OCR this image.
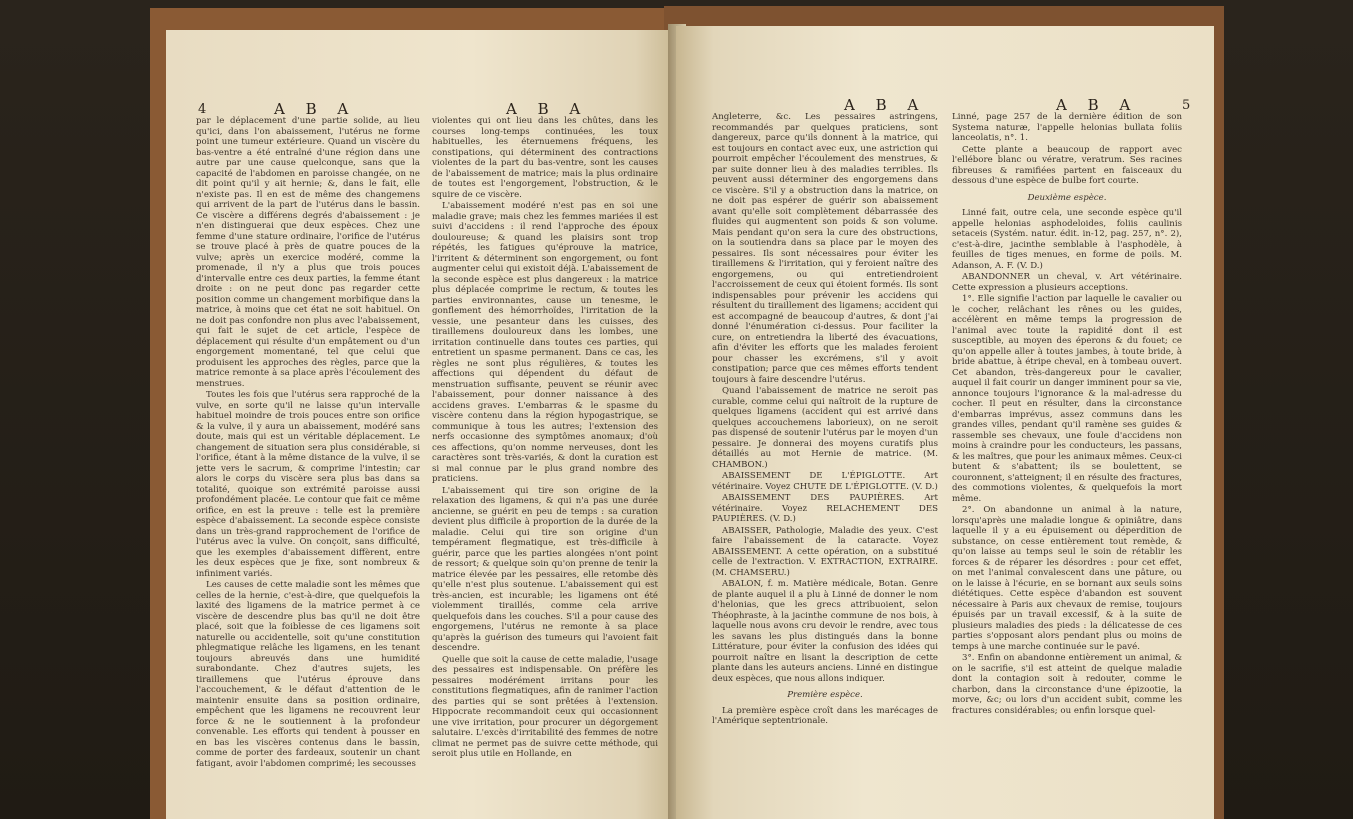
4	A B A	A B A

par le déplacement d'une partie solide, au lieu qu'ici, dans l'on abaissement, l'utérus ne forme point une tumeur extérieure. Quand un viscère du bas-ventre a été entraîné d'une région dans une autre par une cause quelconque, sans que la capacité de l'abdomen en paroisse changée, on ne dit point qu'il y ait hernie; &, dans le fait, elle n'existe pas. Il en est de même des changemens qui arrivent de la part de l'utérus dans le bassin. Ce viscère a différens degrés d'abaissement : je n'en distinguerai que deux espèces. Chez une femme d'une stature ordinaire, l'orifice de l'utérus se trouve placé à près de quatre pouces de la vulve; après un exercice modéré, comme la promenade, il n'y a plus que trois pouces d'intervalle entre ces deux parties, la femme étant droite : on ne peut donc pas regarder cette position comme un changement morbifique dans la matrice, à moins que cet état ne soit habituel. On ne doit pas confondre non plus avec l'abaissement, qui fait le sujet de cet article, l'espèce de déplacement qui résulte d'un empâtement ou d'un engorgement momentané, tel que celui que produisent les approches des règles, parce que la matrice remonte à sa place après l'écoulement des menstrues.

Toutes les fois que l'utérus sera rapproché de la vulve, en sorte qu'il ne laisse qu'un intervalle habituel moindre de trois pouces entre son orifice & la vulve, il y aura un abaissement, modéré sans doute, mais qui est un véritable déplacement. Le changement de situation sera plus considérable, si l'orifice, étant à la même distance de la vulve, il se jette vers le sacrum, & comprime l'intestin; car alors le corps du viscère sera plus bas dans sa totalité, quoique son extrémité paroisse aussi profondément placée. Le contour que fait ce même orifice, en est la preuve : telle est la première espèce d'abaissement. La seconde espèce consiste dans un très-grand rapprochement de l'orifice de l'utérus avec la vulve. On conçoit, sans difficulté, que les exemples d'abaissement diffèrent, entre les deux espèces que je fixe, sont nombreux & infiniment variés.

Les causes de cette maladie sont les mêmes que celles de la hernie, c'est-à-dire, que quelquefois la laxité des ligamens de la matrice permet à ce viscère de descendre plus bas qu'il ne doit être placé, soit que la foiblesse de ces ligamens soit naturelle ou accidentelle, soit qu'une constitution phlegmatique relâche les ligamens, en les tenant toujours abreuvés dans une humidité surabondante. Chez d'autres sujets, les tiraillemens que l'utérus éprouve dans l'accouchement, & le défaut d'attention de le maintenir ensuite dans sa position ordinaire, empêchent que les ligamens ne recouvrent leur force & ne le soutiennent à la profondeur convenable. Les efforts qui tendent à pousser en en bas les viscères contenus dans le bassin, comme de porter des fardeaux, soutenir un chant fatigant, avoir l'abdomen comprimé; les secousses

violentes qui ont lieu dans les chûtes, dans les courses long-temps continuées, les toux habituelles, les éternuemens fréquens, les constipations, qui déterminent des contractions violentes de la part du bas-ventre, sont les causes de l'abaissement de matrice; mais la plus ordinaire de toutes est l'engorgement, l'obstruction, & le squire de ce viscère.

L'abaissement modéré n'est pas en soi une maladie grave; mais chez les femmes mariées il est suivi d'accidens : il rend l'approche des époux douloureuse; & quand les plaisirs sont trop répétés, les fatigues qu'éprouve la matrice, l'irritent & déterminent son engorgement, ou font augmenter celui qui existoit déjà. L'abaissement de la seconde espèce est plus dangereux : la matrice plus déplacée comprime le rectum, & toutes les parties environnantes, cause un tenesme, le gonflement des hémorrhoïdes, l'irritation de la vessie, une pesanteur dans les cuisses, des tiraillemens douloureux dans les lombes, une irritation continuelle dans toutes ces parties, qui entretient un spasme permanent. Dans ce cas, les règles ne sont plus régulières, & toutes les affections qui dépendent du défaut de menstruation suffisante, peuvent se réunir avec l'abaissement, pour donner naissance à des accidens graves. L'embarras & le spasme du viscère contenu dans la région hypogastrique, se communique à tous les autres; l'extension des nerfs occasionne des symptômes anomaux; d'où ces affections, qu'on nomme nerveuses, dont les caractères sont très-variés, & dont la curation est si mal connue par le plus grand nombre des praticiens.

L'abaissement qui tire son origine de la relaxation des ligamens, & qui n'a pas une durée ancienne, se guérit en peu de temps : sa curation devient plus difficile à proportion de la durée de la maladie. Celui qui tire son origine d'un tempérament flegmatique, est très-difficile à guérir, parce que les parties alongées n'ont point de ressort; & quelque soin qu'on prenne de tenir la matrice élevée par les pessaires, elle retombe dès qu'elle n'est plus soutenue. L'abaissement qui est très-ancien, est incurable; les ligamens ont été violemment tiraillés, comme cela arrive quelquefois dans les couches. S'il a pour cause des engorgemens, l'utérus ne remonte à sa place qu'après la guérison des tumeurs qui l'avoient fait descendre.

Quelle que soit la cause de cette maladie, l'usage des pessaires est indispensable. On préfère les pessaires modérément irritans pour les constitutions flegmatiques, afin de ranimer l'action des parties qui se sont prêtées à l'extension. Hippocrate recommandoit ceux qui occasionnent une vive irritation, pour procurer un dégorgement salutaire. L'excès d'irritabilité des femmes de notre climat ne permet pas de suivre cette méthode, qui seroit plus utile en Hollande, en

A B A	A B A	5

Angleterre, &c. Les pessaires astringens, recommandés par quelques praticiens, sont dangereux, parce qu'ils donnent à la matrice, qui est toujours en contact avec eux, une astriction qui pourroit empêcher l'écoulement des menstrues, & par suite donner lieu à des maladies terribles. Ils peuvent aussi déterminer des engorgemens dans ce viscère. S'il y a obstruction dans la matrice, on ne doit pas espérer de guérir son abaissement avant qu'elle soit complètement débarrassée des fluides qui augmentent son poids & son volume. Mais pendant qu'on sera la cure des obstructions, on la soutiendra dans sa place par le moyen des pessaires. Ils sont nécessaires pour éviter les tiraillemens & l'irritation, qui y feroient naître des engorgemens, ou qui entretiendroient l'accroissement de ceux qui étoient formés. Ils sont indispensables pour prévenir les accidens qui résultent du tiraillement des ligamens; accident qui est accompagné de beaucoup d'autres, & dont j'ai donné l'énumération ci-dessus. Pour faciliter la cure, on entretiendra la liberté des évacuations, afin d'éviter les efforts que les malades feroient pour chasser les excrémens, s'il y avoit constipation; parce que ces mêmes efforts tendent toujours à faire descendre l'utérus.

Quand l'abaissement de matrice ne seroit pas curable, comme celui qui naîtroit de la rupture de quelques ligamens (accident qui est arrivé dans quelques accouchemens laborieux), on ne seroit pas dispensé de soutenir l'utérus par le moyen d'un pessaire. Je donnerai des moyens curatifs plus détaillés au mot Hernie de matrice. (M. CHAMBON.)

ABAISSEMENT DE L'ÉPIGLOTTE. Art vétérinaire. Voyez CHUTE DE L'ÉPIGLOTTE. (V. D.)

ABAISSEMENT DES PAUPIÈRES. Art vétérinaire. Voyez RELACHEMENT DES PAUPIÈRES. (V. D.)

ABAISSER, Pathologie, Maladie des yeux. C'est faire l'abaissement de la cataracte. Voyez ABAISSEMENT. A cette opération, on a substitué celle de l'extraction. V. EXTRACTION, EXTRAIRE. (M. CHAMSERU.)

ABALON, f. m. Matière médicale, Botan. Genre de plante auquel il a plu à Linné de donner le nom d'helonias, que les grecs attribuoient, selon Théophraste, à la jacinthe commune de nos bois, à laquelle nous avons cru devoir le rendre, avec tous les savans les plus distingués dans la bonne Littérature, pour éviter la confusion des idées qui pourroit naître en lisant la description de cette plante dans les auteurs anciens. Linné en distingue deux espèces, que nous allons indiquer.

Première espèce.

La première espèce croît dans les marécages de l'Amérique septentrionale.

Linné, page 257 de la dernière édition de son Systema naturæ, l'appelle helonias bullata foliis lanceolatis, n°. 1.

Cette plante a beaucoup de rapport avec l'ellébore blanc ou vératre, veratrum. Ses racines fibreuses & ramifiées partent en faisceaux du dessous d'une espèce de bulbe fort courte.

Deuxième espèce.

Linné fait, outre cela, une seconde espèce qu'il appelle helonias asphodeloides, foliis caulinis setaceis (Systém. natur. édit. in-12, pag. 257, n°. 2), c'est-à-dire, jacinthe semblable à l'asphodèle, à feuilles de tiges menues, en forme de poils. M. Adanson, A. F. (V. D.)

ABANDONNER un cheval, v. Art vétérinaire. Cette expression a plusieurs acceptions.

1°. Elle signifie l'action par laquelle le cavalier ou le cocher, relâchant les rênes ou les guides, accélèrent en même temps la progression de l'animal avec toute la rapidité dont il est susceptible, au moyen des éperons & du fouet; ce qu'on appelle aller à toutes jambes, à toute bride, à bride abattue, à étripe cheval, en à tombeau ouvert. Cet abandon, très-dangereux pour le cavalier, auquel il fait courir un danger imminent pour sa vie, annonce toujours l'ignorance & la mal-adresse du cocher. Il peut en résulter, dans la circonstance d'embarras imprévus, assez communs dans les grandes villes, pendant qu'il ramène ses guides & rassemble ses chevaux, une foule d'accidens non moins à craindre pour les conducteurs, les passans, & les maîtres, que pour les animaux mêmes. Ceux-ci butent & s'abattent; ils se boulettent, se couronnent, s'atteignent; il en résulte des fractures, des commotions violentes, & quelquefois la mort même.

2°. On abandonne un animal à la nature, lorsqu'après une maladie longue & opiniâtre, dans laquelle il y a eu épuisement ou déperdition de substance, on cesse entièrement tout remède, & qu'on laisse au temps seul le soin de rétablir les forces & de réparer les désordres : pour cet effet, on met l'animal convalescent dans une pâture, ou on le laisse à l'écurie, en se bornant aux seuls soins diététiques. Cette espèce d'abandon est souvent nécessaire à Paris aux chevaux de remise, toujours épuisés par un travail excessif, & à la suite de plusieurs maladies des pieds : la délicatesse de ces parties s'opposant alors pendant plus ou moins de temps à une marche continuée sur le pavé.

3°. Enfin on abandonne entièrement un animal, & on le sacrifie, s'il est atteint de quelque maladie dont la contagion soit à redouter, comme le charbon, dans la circonstance d'une épizootie, la morve, &c; ou lors d'un accident subit, comme les fractures considérables; ou enfin lorsque quel-
